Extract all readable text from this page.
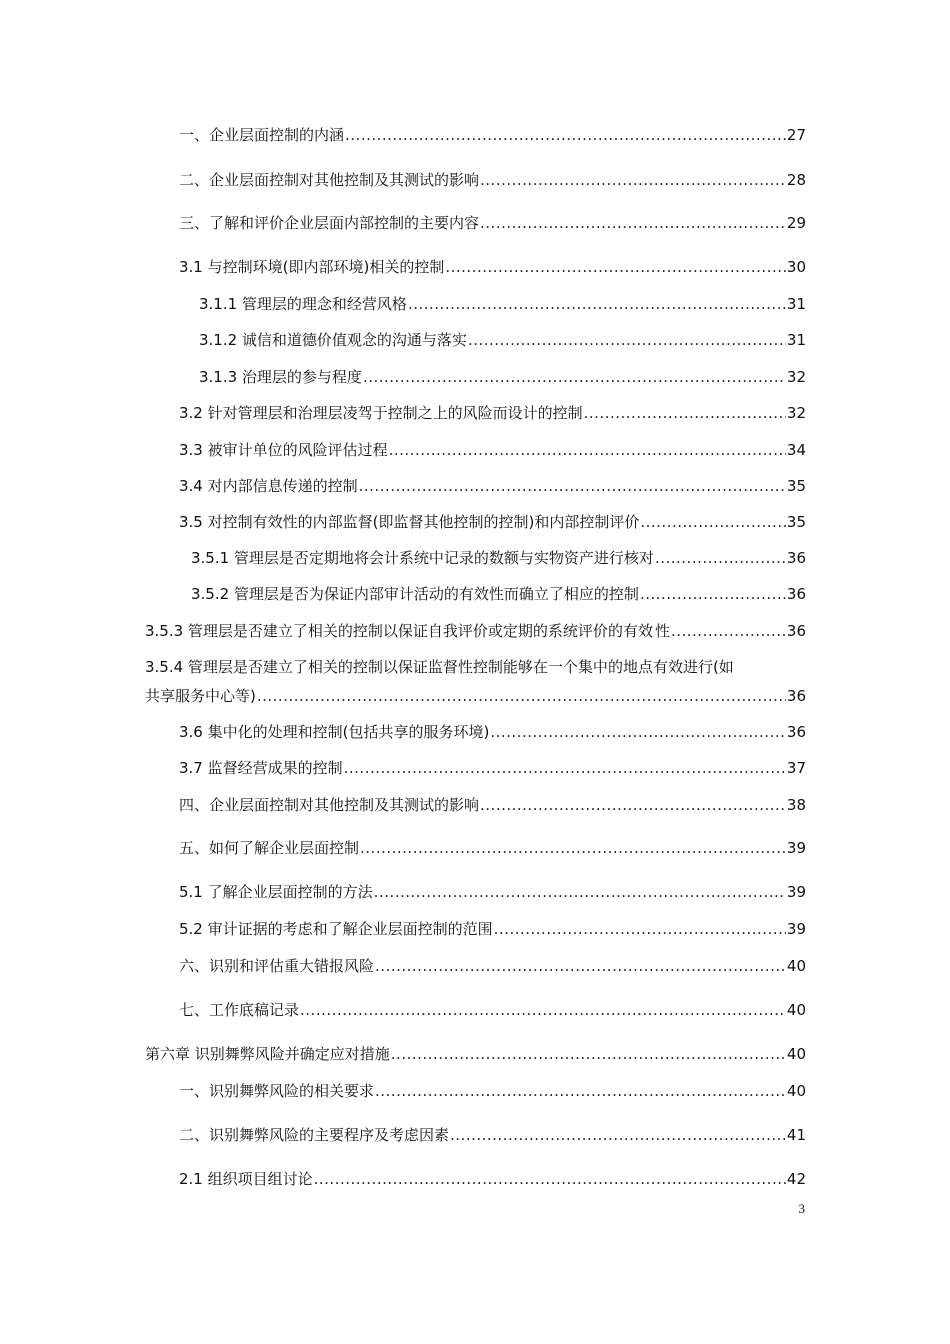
一、企业层面控制的内涵 .....	27
二、企业层面控制对其他控制及其测试的影响 .....	28
三、了解和评价企业层面内部控制的主要内容 .....	29
3.1 与控制环境(即内部环境)相关的控制 .....	30
3.1.1 管理层的理念和经营风格 .....	31
3.1.2 诚信和道德价值观念的沟通与落实 .....	31
3.1.3 治理层的参与程度 .....	32
3.2 针对管理层和治理层凌驾于控制之上的风险而设计的控制 .....	32
3.3 被审计单位的风险评估过程 .....	34
3.4 对内部信息传递的控制 .....	35
3.5 对控制有效性的内部监督(即监督其他控制的控制)和内部控制评价 .....	35
3.5.1 管理层是否定期地将会计系统中记录的数额与实物资产进行核对 .....	36
3.5.2 管理层是否为保证内部审计活动的有效性而确立了相应的控制 .....	36
3.5.3 管理层是否建立了相关的控制以保证自我评价或定期的系统评价的有效 性 .....	36
3.5.4 管理层是否建立了相关的控制以保证监督性控制能够在一个集中的地点有效进行(如
共享服务中心等) .....	36
3.6 集中化的处理和控制(包括共享的服务环境) .....	36
3.7 监督经营成果的控制 .....	37
四、企业层面控制对其他控制及其测试的影响 .....	38
五、如何了解企业层面控制 .....	39
5.1 了解企业层面控制的方法 .....	39
5.2 审计证据的考虑和了解企业层面控制的范围 .....	39
六、识别和评估重大错报风险 .....	40
七、工作底稿记录 .....	40
第六章 识别舞弊风险并确定应对措施 .....	40
一、识别舞弊风险的相关要求 .....	40
二、识别舞弊风险的主要程序及考虑因素 .....	41
2.1 组织项目组讨论 .....	42
3
